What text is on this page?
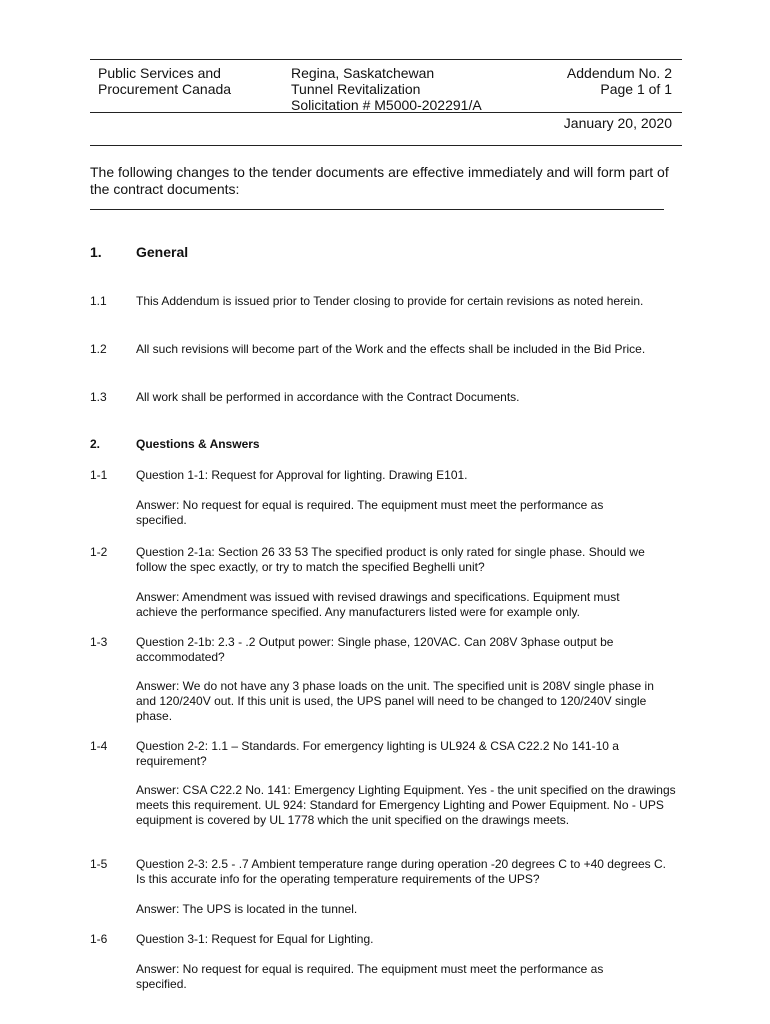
Public Services and
Procurement Canada
Regina, Saskatchewan
Tunnel Revitalization
Solicitation # M5000-202291/A
Addendum No. 2
Page 1 of 1
January 20, 2020
The following changes to the tender documents are effective immediately and will form part of the contract documents:
1. General
1.1 This Addendum is issued prior to Tender closing to provide for certain revisions as noted herein.
1.2 All such revisions will become part of the Work and the effects shall be included in the Bid Price.
1.3 All work shall be performed in accordance with the Contract Documents.
2.	Questions & Answers
1-1 Question 1-1: Request for Approval for lighting. Drawing E101.
Answer: No request for equal is required. The equipment must meet the performance as specified.
1-2 Question 2-1a: Section 26 33 53 The specified product is only rated for single phase. Should we follow the spec exactly, or try to match the specified Beghelli unit?
Answer: Amendment was issued with revised drawings and specifications. Equipment must achieve the performance specified. Any manufacturers listed were for example only.
1-3 Question 2-1b: 2.3 - .2 Output power: Single phase, 120VAC. Can 208V 3phase output be accommodated?
Answer: We do not have any 3 phase loads on the unit. The specified unit is 208V single phase in and 120/240V out. If this unit is used, the UPS panel will need to be changed to 120/240V single phase.
1-4 Question 2-2: 1.1 – Standards. For emergency lighting is UL924 & CSA C22.2 No 141-10 a requirement?
Answer: CSA C22.2 No. 141: Emergency Lighting Equipment. Yes - the unit specified on the drawings meets this requirement. UL 924: Standard for Emergency Lighting and Power Equipment. No - UPS equipment is covered by UL 1778 which the unit specified on the drawings meets.
1-5 Question 2-3: 2.5 - .7 Ambient temperature range during operation -20 degrees C to +40 degrees C. Is this accurate info for the operating temperature requirements of the UPS?
Answer: The UPS is located in the tunnel.
1-6 Question 3-1: Request for Equal for Lighting.
Answer: No request for equal is required. The equipment must meet the performance as specified.
